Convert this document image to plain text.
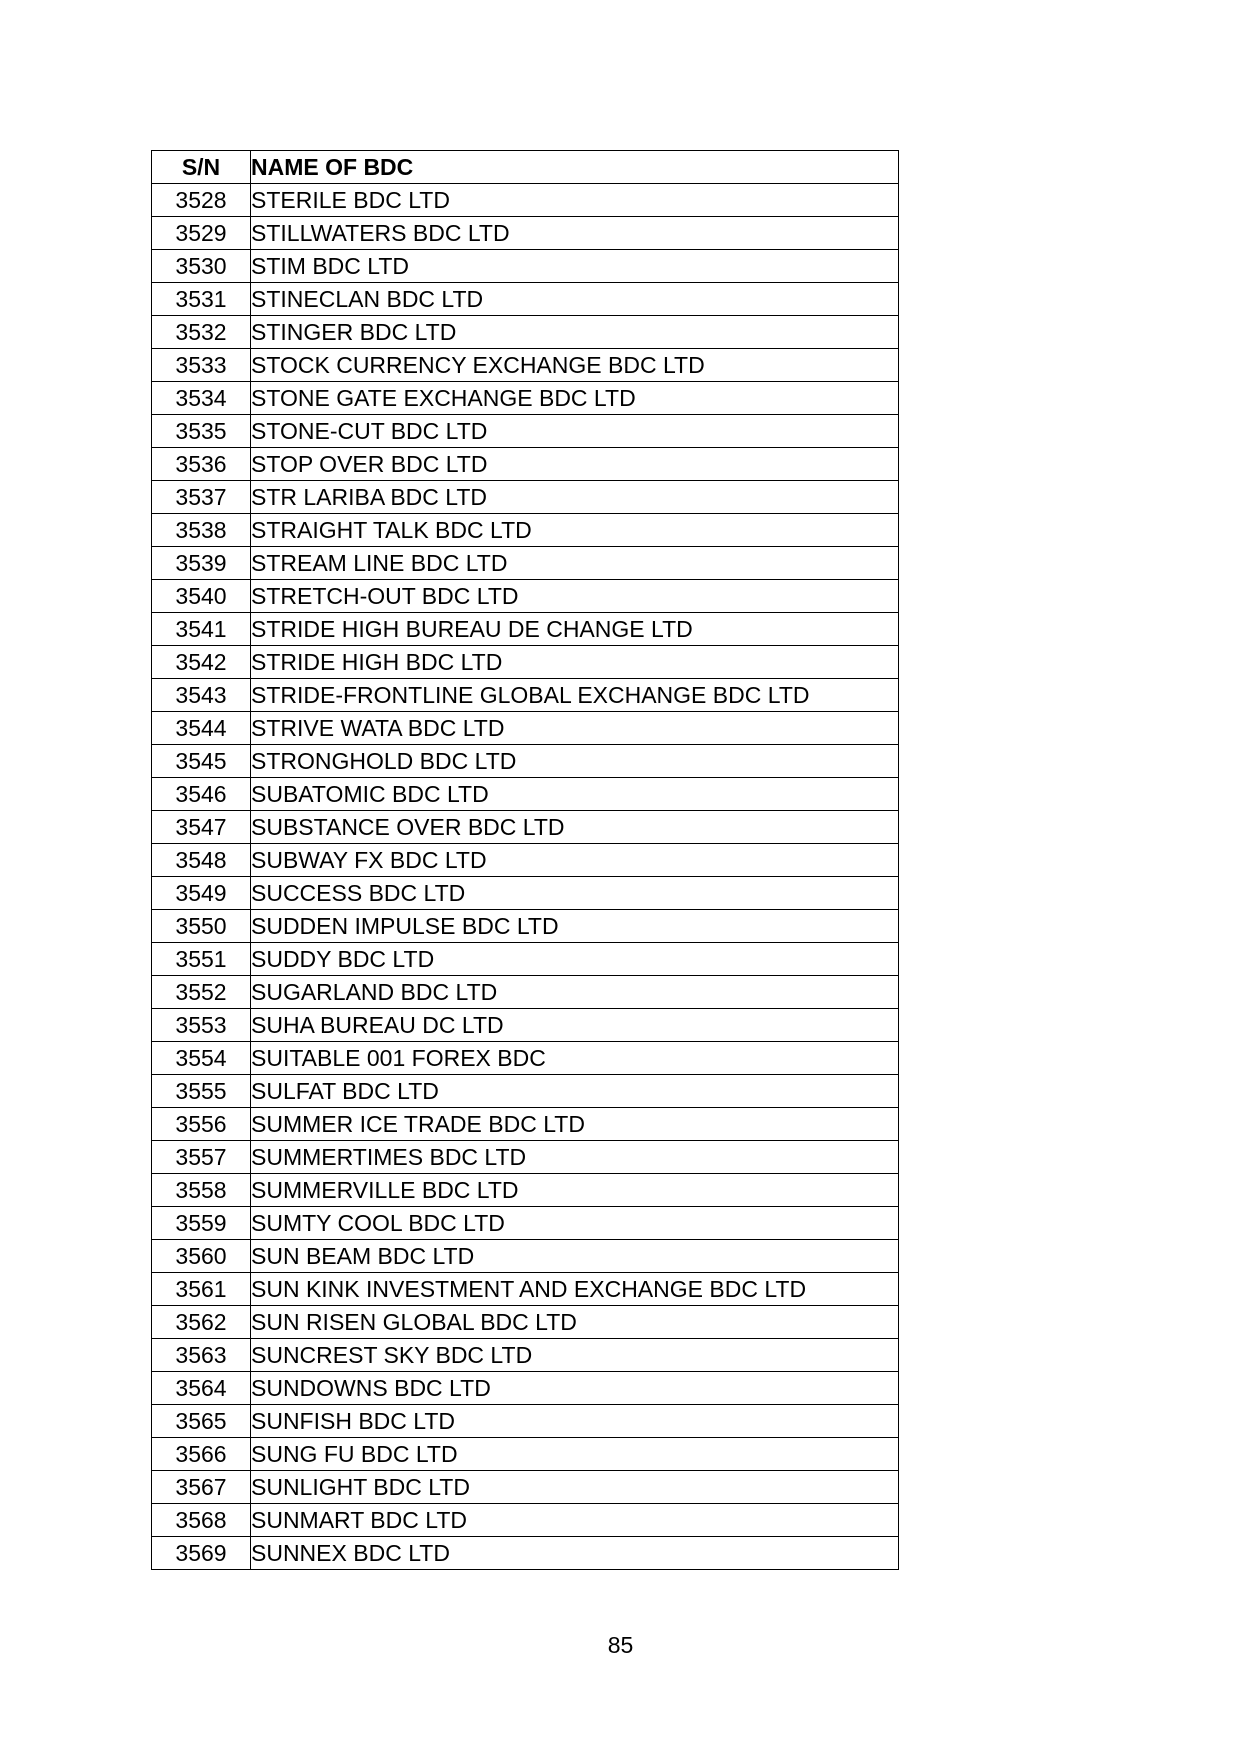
S/N	NAME OF BDC
3528	STERILE BDC LTD
3529	STILLWATERS BDC LTD
3530	STIM BDC LTD
3531	STINECLAN BDC LTD
3532	STINGER BDC LTD
3533	STOCK CURRENCY EXCHANGE BDC LTD
3534	STONE GATE EXCHANGE BDC LTD
3535	STONE-CUT BDC LTD
3536	STOP OVER BDC LTD
3537	STR LARIBA BDC LTD
3538	STRAIGHT TALK BDC LTD
3539	STREAM LINE BDC LTD
3540	STRETCH-OUT BDC LTD
3541	STRIDE HIGH BUREAU DE CHANGE LTD
3542	STRIDE HIGH BDC LTD
3543	STRIDE-FRONTLINE GLOBAL EXCHANGE BDC LTD
3544	STRIVE WATA BDC LTD
3545	STRONGHOLD BDC LTD
3546	SUBATOMIC BDC LTD
3547	SUBSTANCE OVER BDC LTD
3548	SUBWAY FX BDC LTD
3549	SUCCESS BDC LTD
3550	SUDDEN IMPULSE BDC LTD
3551	SUDDY BDC LTD
3552	SUGARLAND BDC LTD
3553	SUHA BUREAU DC LTD
3554	SUITABLE 001 FOREX BDC
3555	SULFAT BDC LTD
3556	SUMMER ICE TRADE BDC LTD
3557	SUMMERTIMES BDC LTD
3558	SUMMERVILLE BDC LTD
3559	SUMTY COOL BDC LTD
3560	SUN BEAM BDC LTD
3561	SUN KINK INVESTMENT AND EXCHANGE BDC LTD
3562	SUN RISEN GLOBAL BDC LTD
3563	SUNCREST SKY BDC LTD
3564	SUNDOWNS BDC LTD
3565	SUNFISH BDC LTD
3566	SUNG FU BDC LTD
3567	SUNLIGHT BDC LTD
3568	SUNMART BDC LTD
3569	SUNNEX BDC LTD
85
